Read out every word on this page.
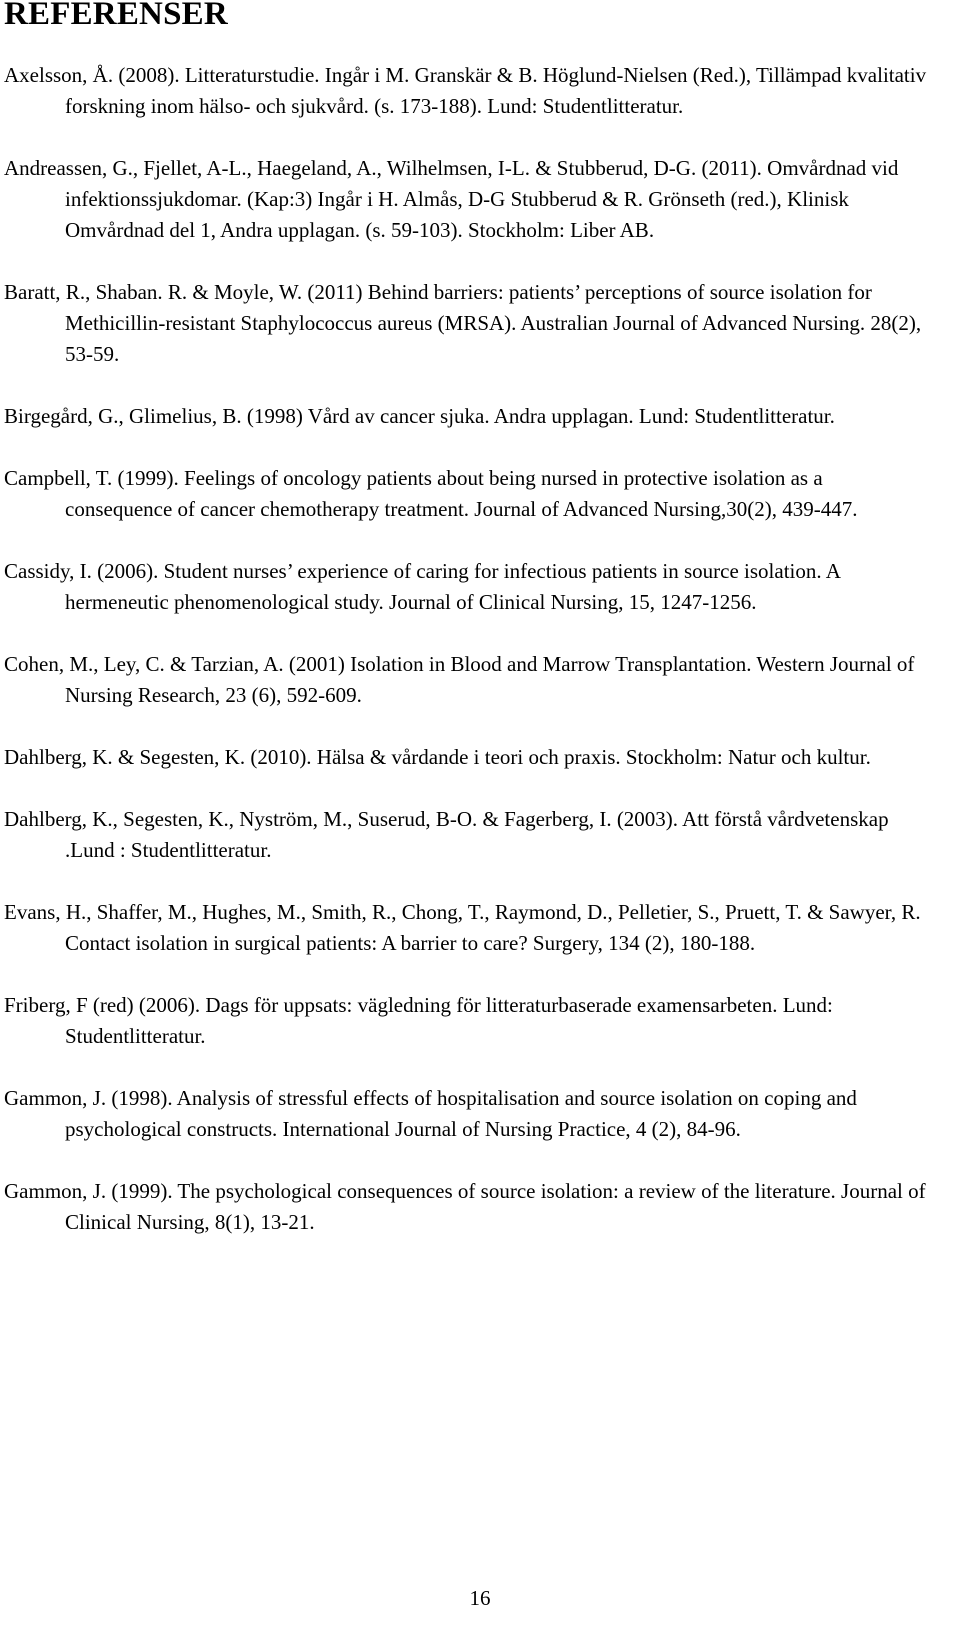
REFERENSER

Axelsson, Å. (2008). Litteraturstudie. Ingår i M. Granskär & B. Höglund-Nielsen (Red.), Tillämpad kvalitativ forskning inom hälso- och sjukvård. (s. 173-188). Lund: Studentlitteratur.

Andreassen, G., Fjellet, A-L., Haegeland, A., Wilhelmsen, I-L. & Stubberud, D-G. (2011). Omvårdnad vid infektionssjukdomar. (Kap:3) Ingår i H. Almås, D-G Stubberud & R. Grönseth (red.), Klinisk Omvårdnad del 1, Andra upplagan. (s. 59-103). Stockholm: Liber AB.

Baratt, R., Shaban. R. & Moyle, W. (2011) Behind barriers: patients’ perceptions of source isolation for Methicillin-resistant Staphylococcus aureus (MRSA). Australian Journal of Advanced Nursing. 28(2), 53-59.

Birgegård, G., Glimelius, B. (1998) Vård av cancer sjuka. Andra upplagan. Lund: Studentlitteratur.

Campbell, T. (1999). Feelings of oncology patients about being nursed in protective isolation as a consequence of cancer chemotherapy treatment. Journal of Advanced Nursing,30(2), 439-447.

Cassidy, I. (2006). Student nurses’ experience of caring for infectious patients in source isolation. A hermeneutic phenomenological study. Journal of Clinical Nursing, 15, 1247-1256.

Cohen, M., Ley, C. & Tarzian, A. (2001) Isolation in Blood and Marrow Transplantation. Western Journal of Nursing Research, 23 (6), 592-609.

Dahlberg, K. & Segesten, K. (2010). Hälsa & vårdande i teori och praxis. Stockholm: Natur och kultur.

Dahlberg, K., Segesten, K., Nyström, M., Suserud, B-O. & Fagerberg, I. (2003). Att förstå vårdvetenskap .Lund : Studentlitteratur.

Evans, H., Shaffer, M., Hughes, M., Smith, R., Chong, T., Raymond, D., Pelletier, S., Pruett, T. & Sawyer, R. Contact isolation in surgical patients: A barrier to care? Surgery, 134 (2), 180-188.

Friberg, F (red) (2006). Dags för uppsats: vägledning för litteraturbaserade examensarbeten. Lund: Studentlitteratur.

Gammon, J. (1998). Analysis of stressful effects of hospitalisation and source isolation on coping and psychological constructs. International Journal of Nursing Practice, 4 (2), 84-96.

Gammon, J. (1999). The psychological consequences of source isolation: a review of the literature. Journal of Clinical Nursing, 8(1), 13-21.

16
